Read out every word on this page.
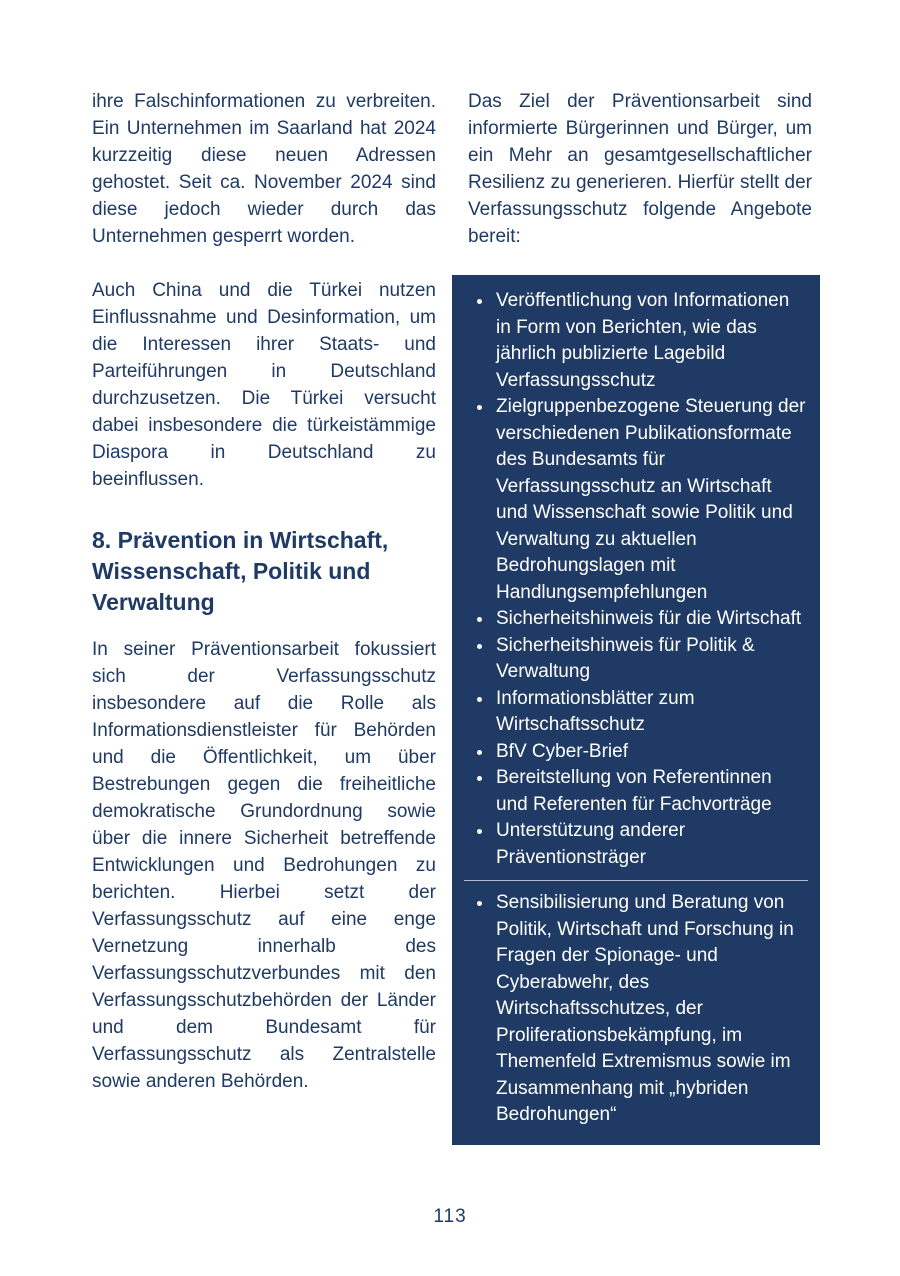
ihre Falschinformationen zu verbreiten. Ein Unternehmen im Saarland hat 2024 kurzzeitig diese neuen Adressen gehostet. Seit ca. November 2024 sind diese jedoch wieder durch das Unternehmen gesperrt worden.

Auch China und die Türkei nutzen Einflussnahme und Desinformation, um die Interessen ihrer Staats- und Parteiführungen in Deutschland durchzusetzen. Die Türkei versucht dabei insbesondere die türkeistämmige Diaspora in Deutschland zu beeinflussen.

8. Prävention in Wirtschaft, Wissenschaft, Politik und Verwaltung

In seiner Präventionsarbeit fokussiert sich der Verfassungsschutz insbesondere auf die Rolle als Informationsdienstleister für Behörden und die Öffentlichkeit, um über Bestrebungen gegen die freiheitliche demokratische Grundordnung sowie über die innere Sicherheit betreffende Entwicklungen und Bedrohungen zu berichten. Hierbei setzt der Verfassungsschutz auf eine enge Vernetzung innerhalb des Verfassungsschutzverbundes mit den Verfassungsschutzbehörden der Länder und dem Bundesamt für Verfassungsschutz als Zentralstelle sowie anderen Behörden.

Das Ziel der Präventionsarbeit sind informierte Bürgerinnen und Bürger, um ein Mehr an gesamtgesellschaftlicher Resilienz zu generieren. Hierfür stellt der Verfassungsschutz folgende Angebote bereit:

• Veröffentlichung von Informationen in Form von Berichten, wie das jährlich publizierte Lagebild Verfassungsschutz
• Zielgruppenbezogene Steuerung der verschiedenen Publikationsformate des Bundesamts für Verfassungsschutz an Wirtschaft und Wissenschaft sowie Politik und Verwaltung zu aktuellen Bedrohungslagen mit Handlungsempfehlungen
• Sicherheitshinweis für die Wirtschaft
• Sicherheitshinweis für Politik & Verwaltung
• Informationsblätter zum Wirtschaftsschutz
• BfV Cyber-Brief
• Bereitstellung von Referentinnen und Referenten für Fachvorträge
• Unterstützung anderer Präventionsträger
• Sensibilisierung und Beratung von Politik, Wirtschaft und Forschung in Fragen der Spionage- und Cyberabwehr, des Wirtschaftsschutzes, der Proliferationsbekämpfung, im Themenfeld Extremismus sowie im Zusammenhang mit „hybriden Bedrohungen“
113
